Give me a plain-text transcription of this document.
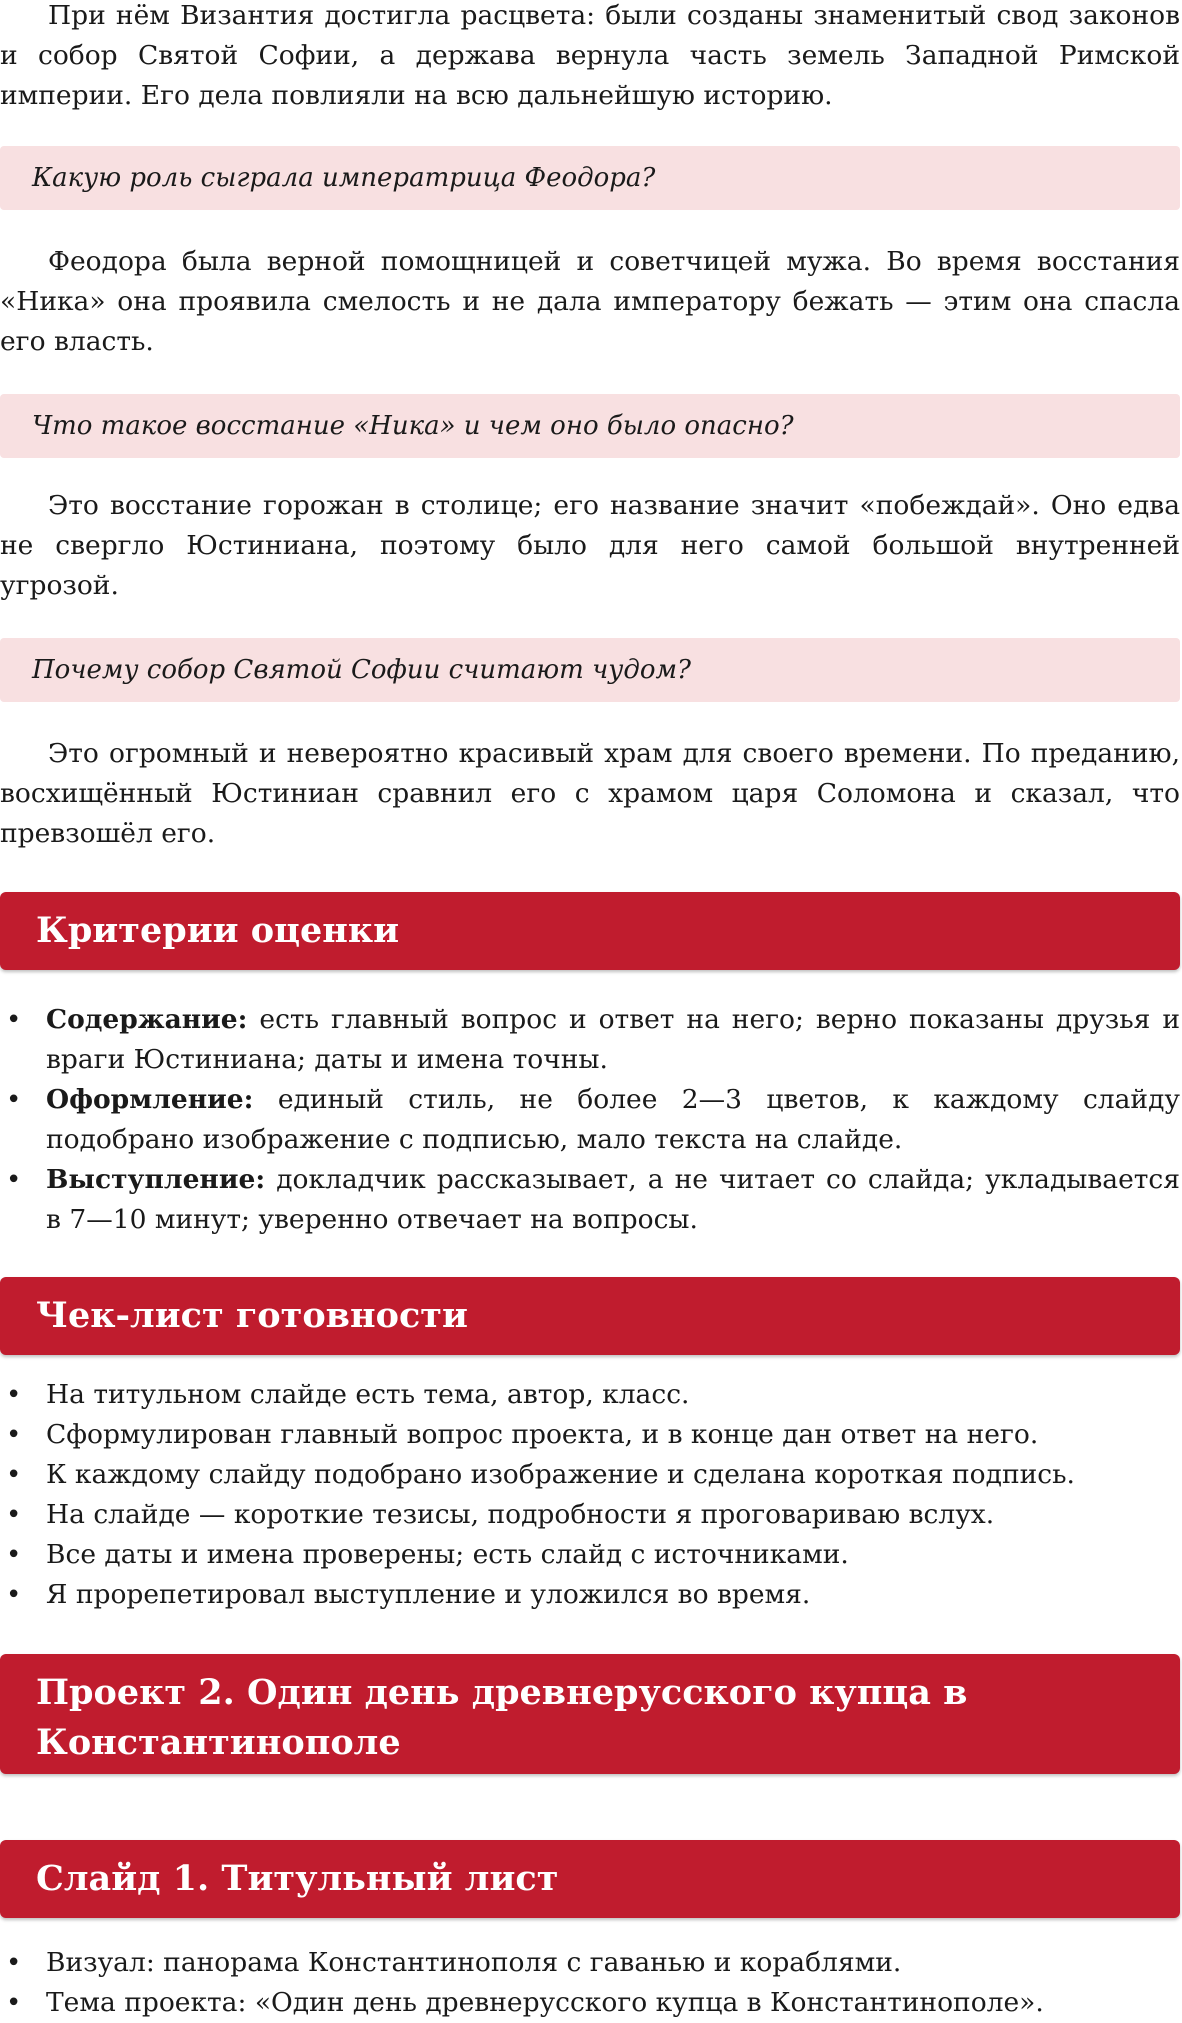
При нём Византия достигла расцвета: были созданы знаменитый свод законов и собор Святой Софии, а держава вернула часть земель Западной Римской империи. Его дела повлияли на всю дальнейшую историю.

Какую роль сыграла императрица Феодора?

Феодора была верной помощницей и советчицей мужа. Во время восстания «Ника» она проявила смелость и не дала императору бежать — этим она спасла его власть.

Что такое восстание «Ника» и чем оно было опасно?

Это восстание горожан в столице; его название значит «побеждай». Оно едва не свергло Юстиниана, поэтому было для него самой большой внутренней угрозой.

Почему собор Святой Софии считают чудом?

Это огромный и невероятно красивый храм для своего времени. По преданию, восхищённый Юстиниан сравнил его с храмом царя Соломона и сказал, что превзошёл его.

Критерии оценки
• Содержание: есть главный вопрос и ответ на него; верно показаны друзья и враги Юстиниана; даты и имена точны.
• Оформление: единый стиль, не более 2—3 цветов, к каждому слайду подобрано изображение с подписью, мало текста на слайде.
• Выступление: докладчик рассказывает, а не читает со слайда; укладывается в 7—10 минут; уверенно отвечает на вопросы.
Чек-лист готовности
• На титульном слайде есть тема, автор, класс.
• Сформулирован главный вопрос проекта, и в конце дан ответ на него.
• К каждому слайду подобрано изображение и сделана короткая подпись.
• На слайде — короткие тезисы, подробности я проговариваю вслух.
• Все даты и имена проверены; есть слайд с источниками.
• Я прорепетировал выступление и уложился во время.
Проект 2. Один день древнерусского купца в Константинополе
Слайд 1. Титульный лист
• Визуал: панорама Константинополя с гаванью и кораблями.
• Тема проекта: «Один день древнерусского купца в Константинополе».
